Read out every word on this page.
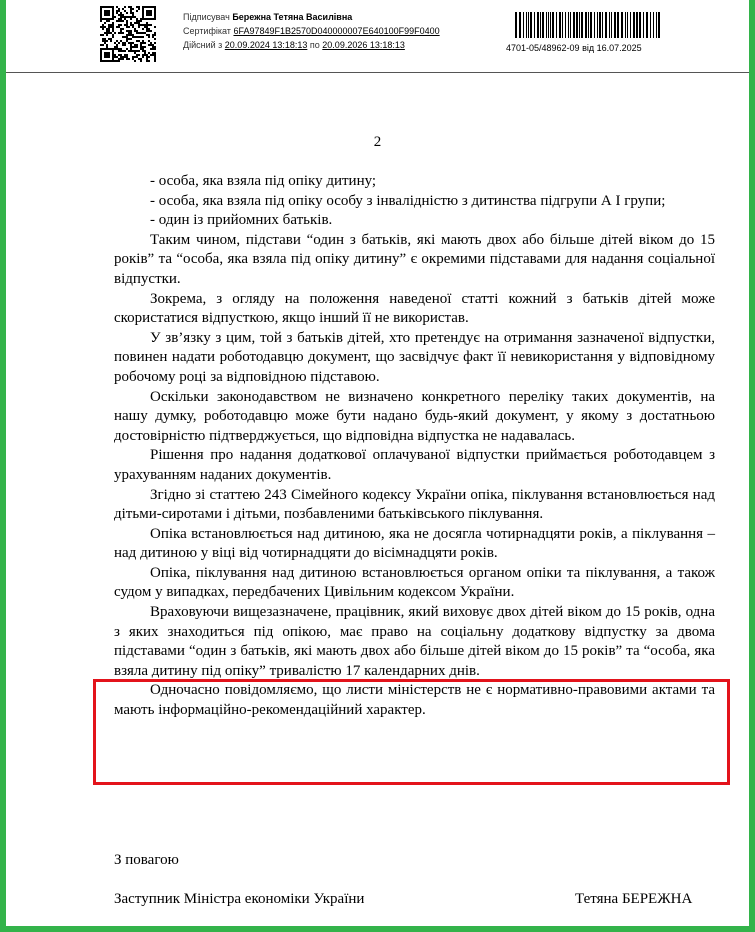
Підписувач Бережна Тетяна Василівна
Сертифікат 6FA97849F1B2570D040000007E640100F99F0400
Дійсний з 20.09.2024 13:18:13 по 20.09.2026 13:18:13	4701-05/48962-09 від 16.07.2025
2

- особа, яка взяла під опіку дитину;

- особа, яка взяла під опіку особу з інвалідністю з дитинства підгрупи А І групи;

- один із прийомних батьків.

Таким чином, підстави “один з батьків, які мають двох або більше дітей віком до 15 років” та “особа, яка взяла під опіку дитину” є окремими підставами для надання соціальної відпустки.

Зокрема, з огляду на положення наведеної статті кожний з батьків дітей може скористатися відпусткою, якщо інший її не використав.

У зв’язку з цим, той з батьків дітей, хто претендує на отримання зазначеної відпустки, повинен надати роботодавцю документ, що засвідчує факт її невикористання у відповідному робочому році за відповідною підставою.

Оскільки законодавством не визначено конкретного переліку таких документів, на нашу думку, роботодавцю може бути надано будь-який документ, у якому з достатньою достовірністю підтверджується, що відповідна відпустка не надавалась.

Рішення про надання додаткової оплачуваної відпустки приймається роботодавцем з урахуванням наданих документів.

Згідно зі статтею 243 Сімейного кодексу України опіка, піклування встановлюється над дітьми-сиротами і дітьми, позбавленими батьківського піклування.

Опіка встановлюється над дитиною, яка не досягла чотирнадцяти років, а піклування – над дитиною у віці від чотирнадцяти до вісімнадцяти років.

Опіка, піклування над дитиною встановлюється органом опіки та піклування, а також судом у випадках, передбачених Цивільним кодексом України.

Враховуючи вищезазначене, працівник, який виховує двох дітей віком до 15 років, одна з яких знаходиться під опікою, має право на соціальну додаткову відпустку за двома підставами “один з батьків, які мають двох або більше дітей віком до 15 років” та “особа, яка взяла дитину під опіку” тривалістю 17 календарних днів.

Одночасно повідомляємо, що листи міністерств не є нормативно-правовими актами та мають інформаційно-рекомендаційний характер.

З повагою
Заступник Міністра економіки України	Тетяна БЕРЕЖНА
